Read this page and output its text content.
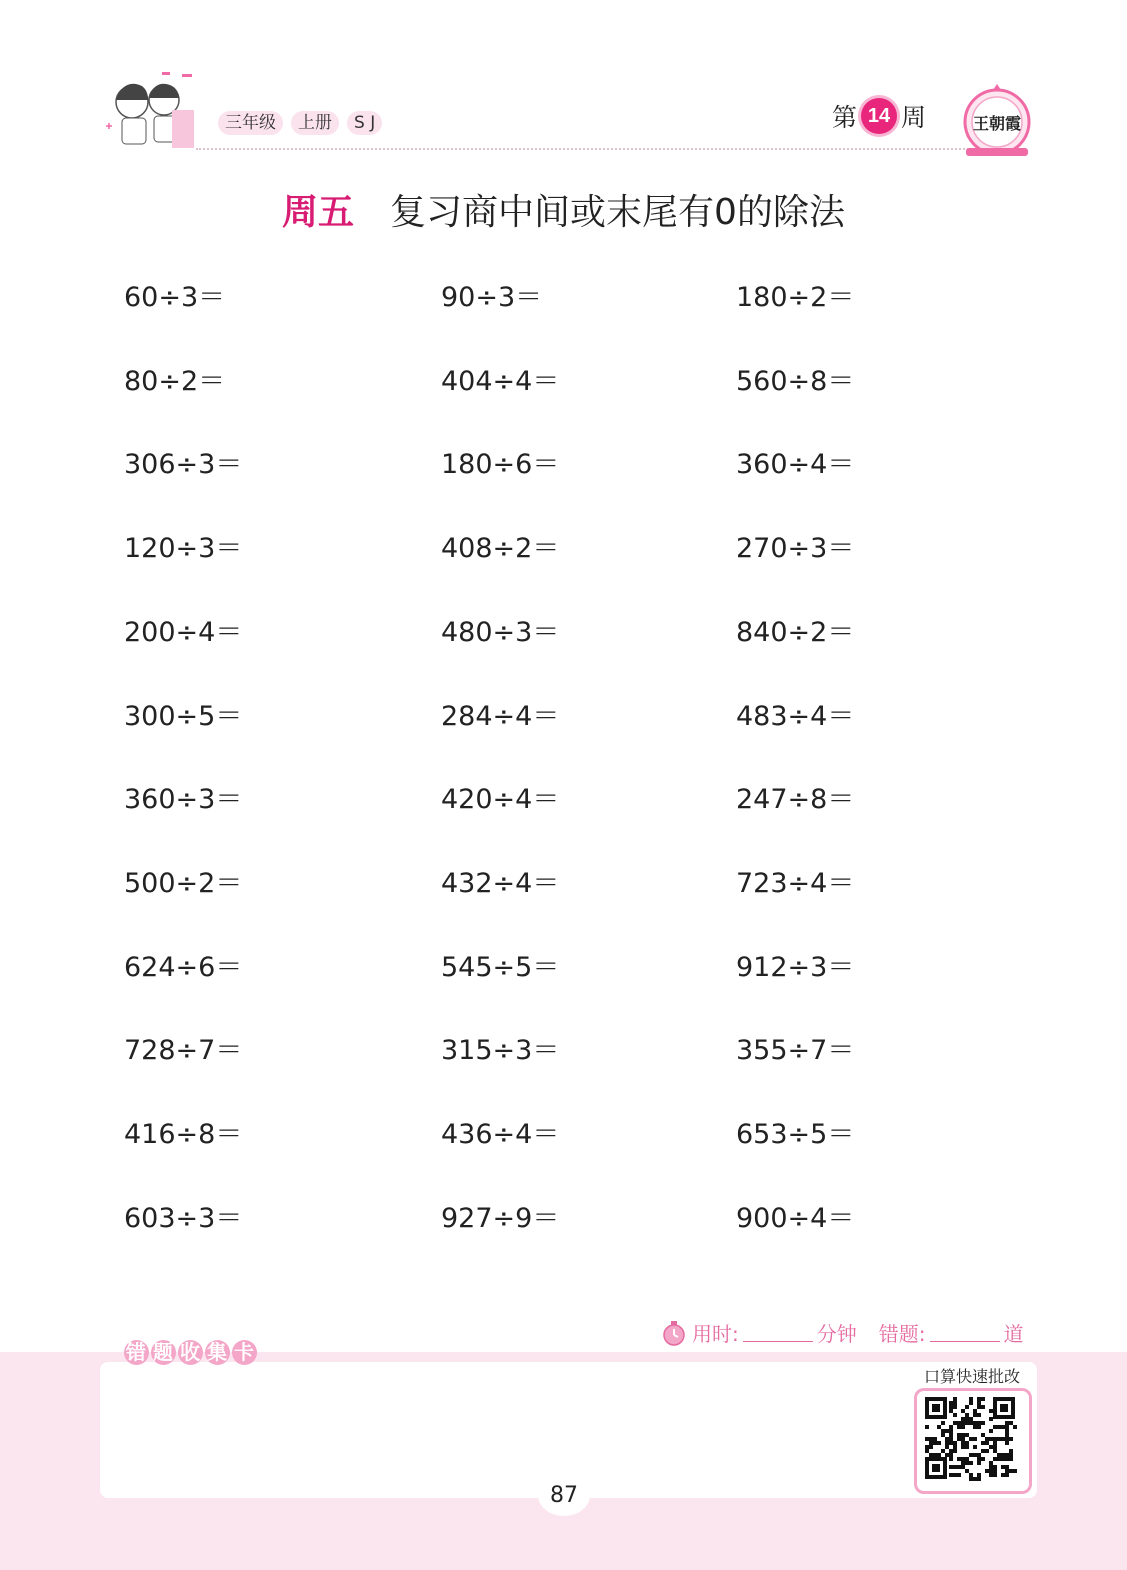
三年级	上册	S J	第 14 周	王朝霞
周五 复习商中间或末尾有0的除法
60÷3＝	90÷3＝	180÷2＝
80÷2＝	404÷4＝	560÷8＝
306÷3＝	180÷6＝	360÷4＝
120÷3＝	408÷2＝	270÷3＝
200÷4＝	480÷3＝	840÷2＝
300÷5＝	284÷4＝	483÷4＝
360÷3＝	420÷4＝	247÷8＝
500÷2＝	432÷4＝	723÷4＝
624÷6＝	545÷5＝	912÷3＝
728÷7＝	315÷3＝	355÷7＝
416÷8＝	436÷4＝	653÷5＝
603÷3＝	927÷9＝	900÷4＝
用时:	分钟 错题:	道
错 题 收 集 卡
口算快速批改
87
